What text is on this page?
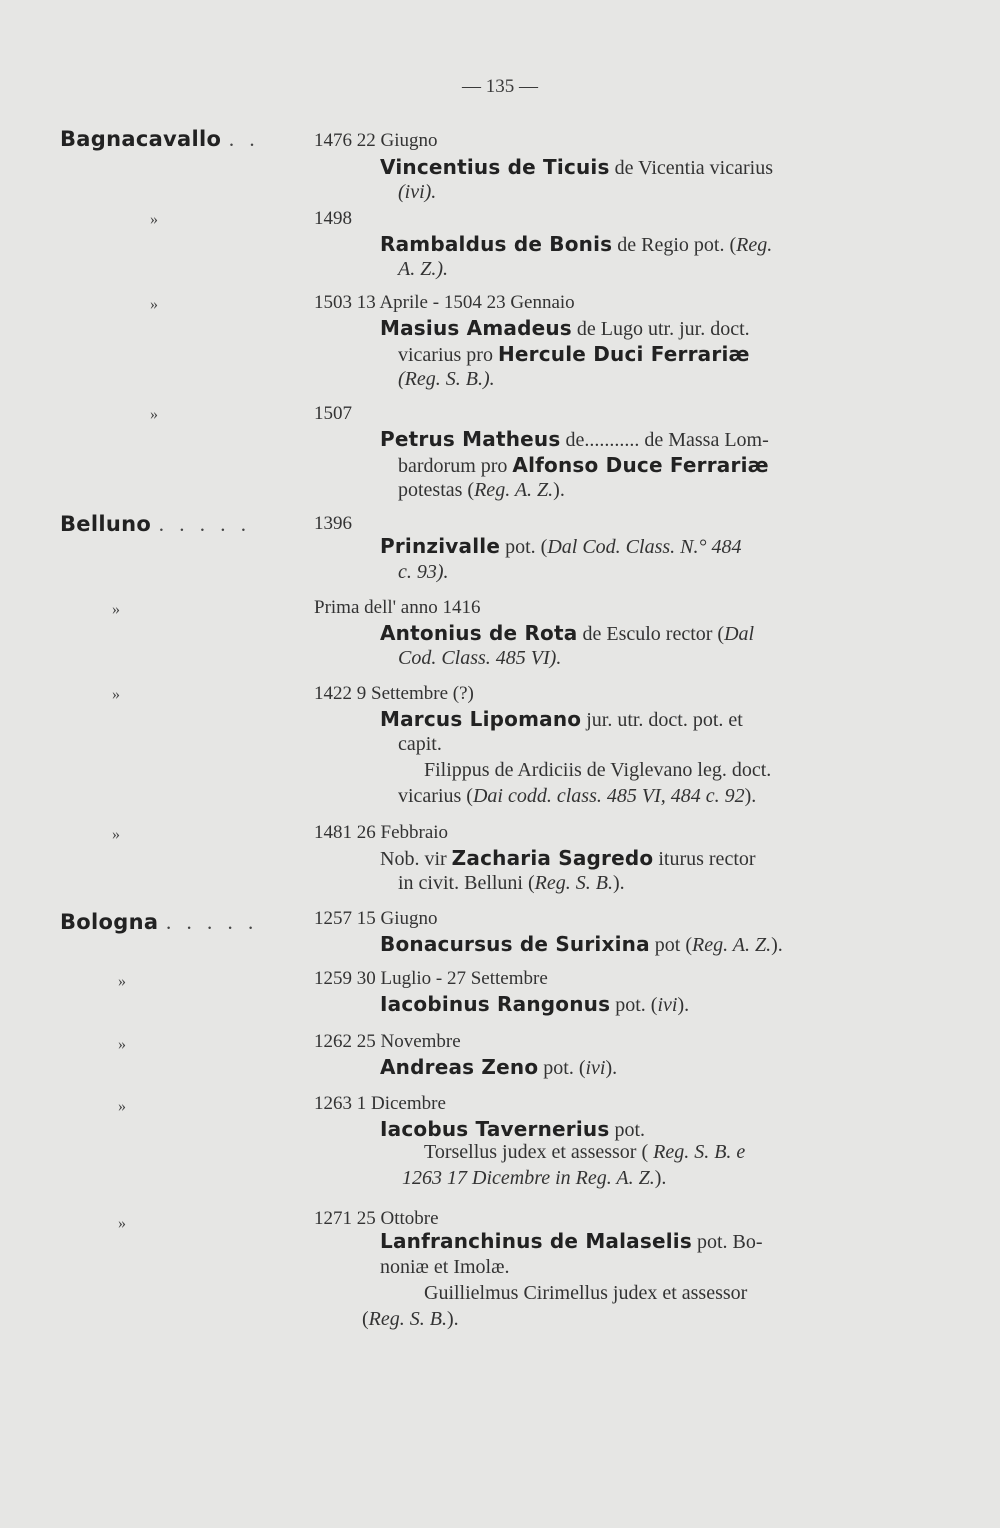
— 135 —
Bagnacavallo . .	1476 22 Giugno
Vincentius de Ticuis de Vicentia vicarius
(ivi).
»	1498
Rambaldus de Bonis de Regio pot. (Reg.
A. Z.).
»	1503 13 Aprile - 1504 23 Gennaio
Masius Amadeus de Lugo utr. jur. doct.
vicarius pro Hercule Duci Ferrariæ
(Reg. S. B.).
»	1507
Petrus Matheus de........... de Massa Lom-
bardorum pro Alfonso Duce Ferrariæ
potestas (Reg. A. Z.).
Belluno . . . . .	1396
Prinzivalle pot. (Dal Cod. Class. N.° 484
c. 93).
»	Prima dell' anno 1416
Antonius de Rota de Esculo rector (Dal
Cod. Class. 485 VI).
»	1422 9 Settembre (?)
Marcus Lipomano jur. utr. doct. pot. et
capit.
Filippus de Ardiciis de Viglevano leg. doct.
vicarius (Dai codd. class. 485 VI, 484 c. 92).
»	1481 26 Febbraio
Nob. vir Zacharia Sagredo iturus rector
in civit. Belluni (Reg. S. B.).
Bologna . . . . .	1257 15 Giugno
Bonacursus de Surixina pot (Reg. A. Z.).
»	1259 30 Luglio - 27 Settembre
Iacobinus Rangonus pot. (ivi).
»	1262 25 Novembre
Andreas Zeno pot. (ivi).
»	1263 1 Dicembre
Iacobus Tavernerius pot.
Torsellus judex et assessor ( Reg. S. B. e
1263 17 Dicembre in Reg. A. Z.).
»	1271 25 Ottobre
Lanfranchinus de Malaselis pot. Bo-
noniæ et Imolæ.
Guillielmus Cirimellus judex et assessor
(Reg. S. B.).
